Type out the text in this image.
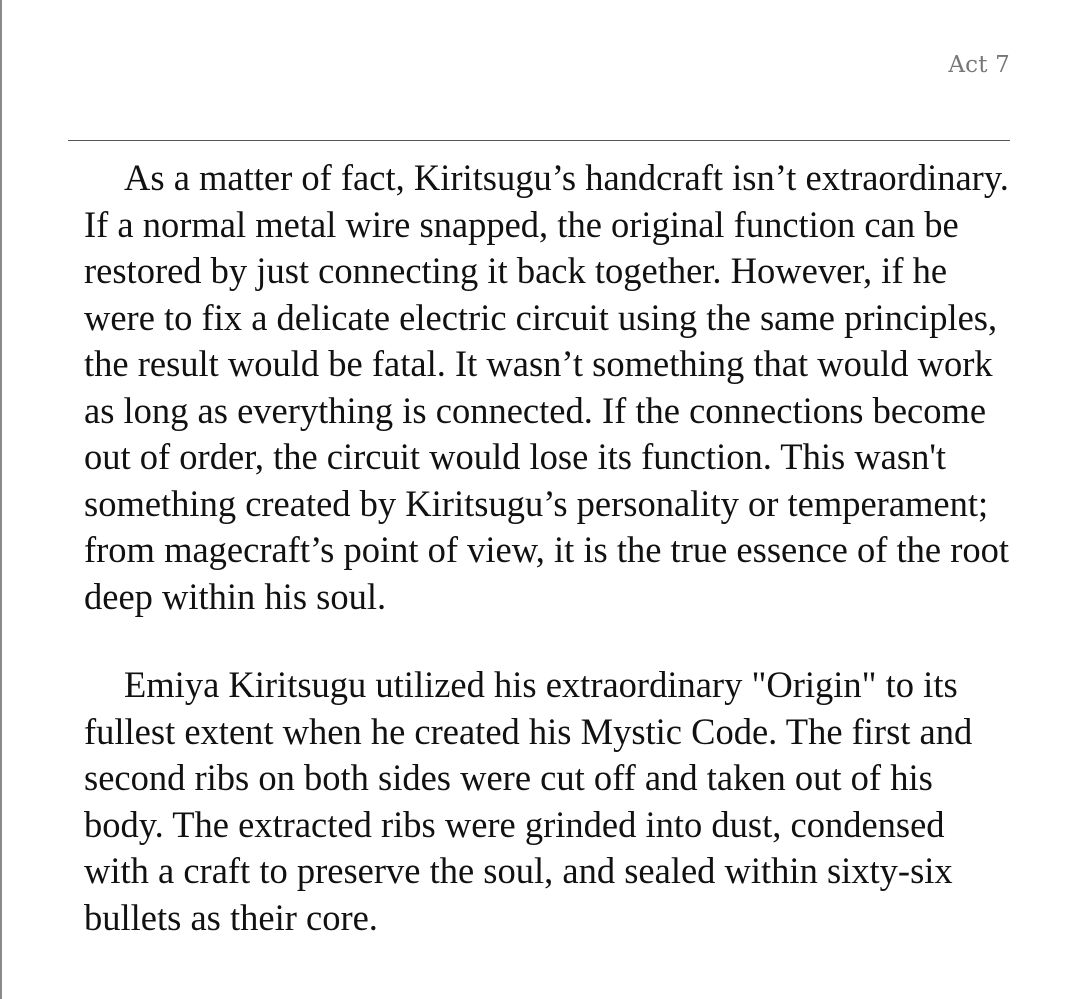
Act 7

As a matter of fact, Kiritsugu’s handcraft isn’t extraordinary. If a normal metal wire snapped, the original function can be restored by just connecting it back together. However, if he were to fix a delicate electric circuit using the same principles, the result would be fatal. It wasn’t something that would work as long as everything is connected. If the connections become out of order, the circuit would lose its function. This wasn't something created by Kiritsugu’s personality or temperament; from magecraft’s point of view, it is the true essence of the root deep within his soul.

Emiya Kiritsugu utilized his extraordinary "Origin" to its fullest extent when he created his Mystic Code. The first and second ribs on both sides were cut off and taken out of his body. The extracted ribs were grinded into dust, condensed with a craft to preserve the soul, and sealed within sixty-six bullets as their core.
